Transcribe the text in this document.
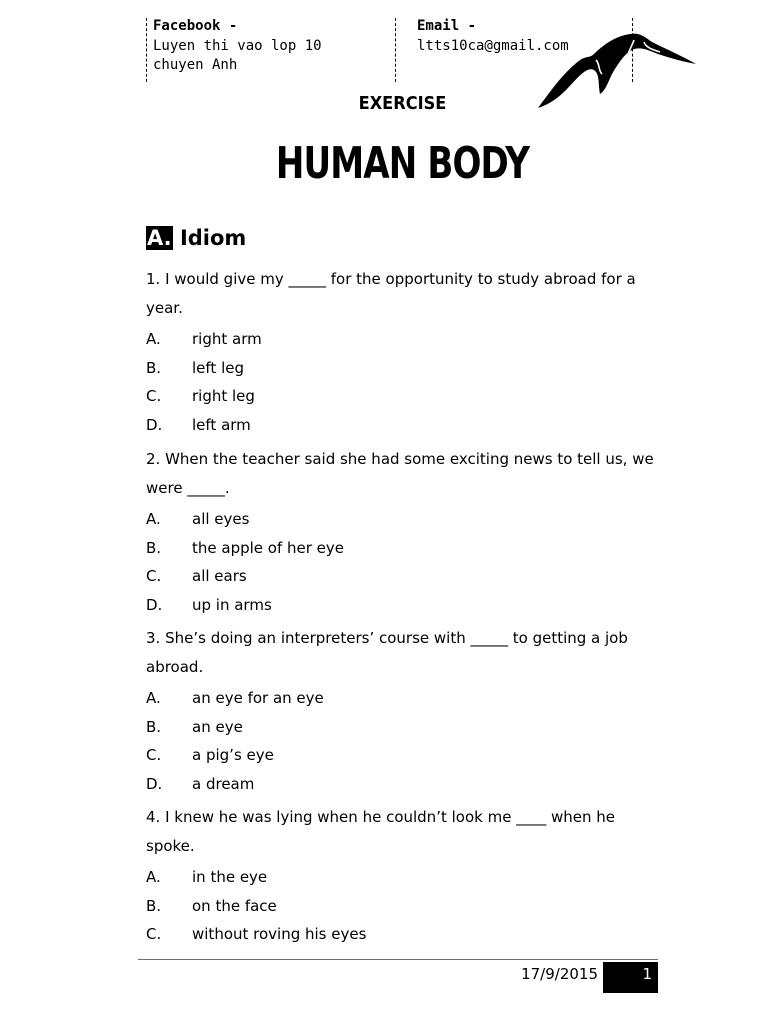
Facebook -
Luyen thi vao lop 10
chuyen Anh
Email -
ltts10ca@gmail.com
EXERCISE
HUMAN BODY
A. Idiom

1. I would give my _____ for the opportunity to study abroad for a year.

A.	right arm
B.	left leg
C.	right leg
D.	left arm

2. When the teacher said she had some exciting news to tell us, we were _____.

A.	all eyes
B.	the apple of her eye
C.	all ears
D.	up in arms

3. She’s doing an interpreters’ course with _____ to getting a job abroad.

A.	an eye for an eye
B.	an eye
C.	a pig’s eye
D.	a dream

4. I knew he was lying when he couldn’t look me ____ when he spoke.

A.	in the eye
B.	on the face
C.	without roving his eyes
17/9/2015	1
